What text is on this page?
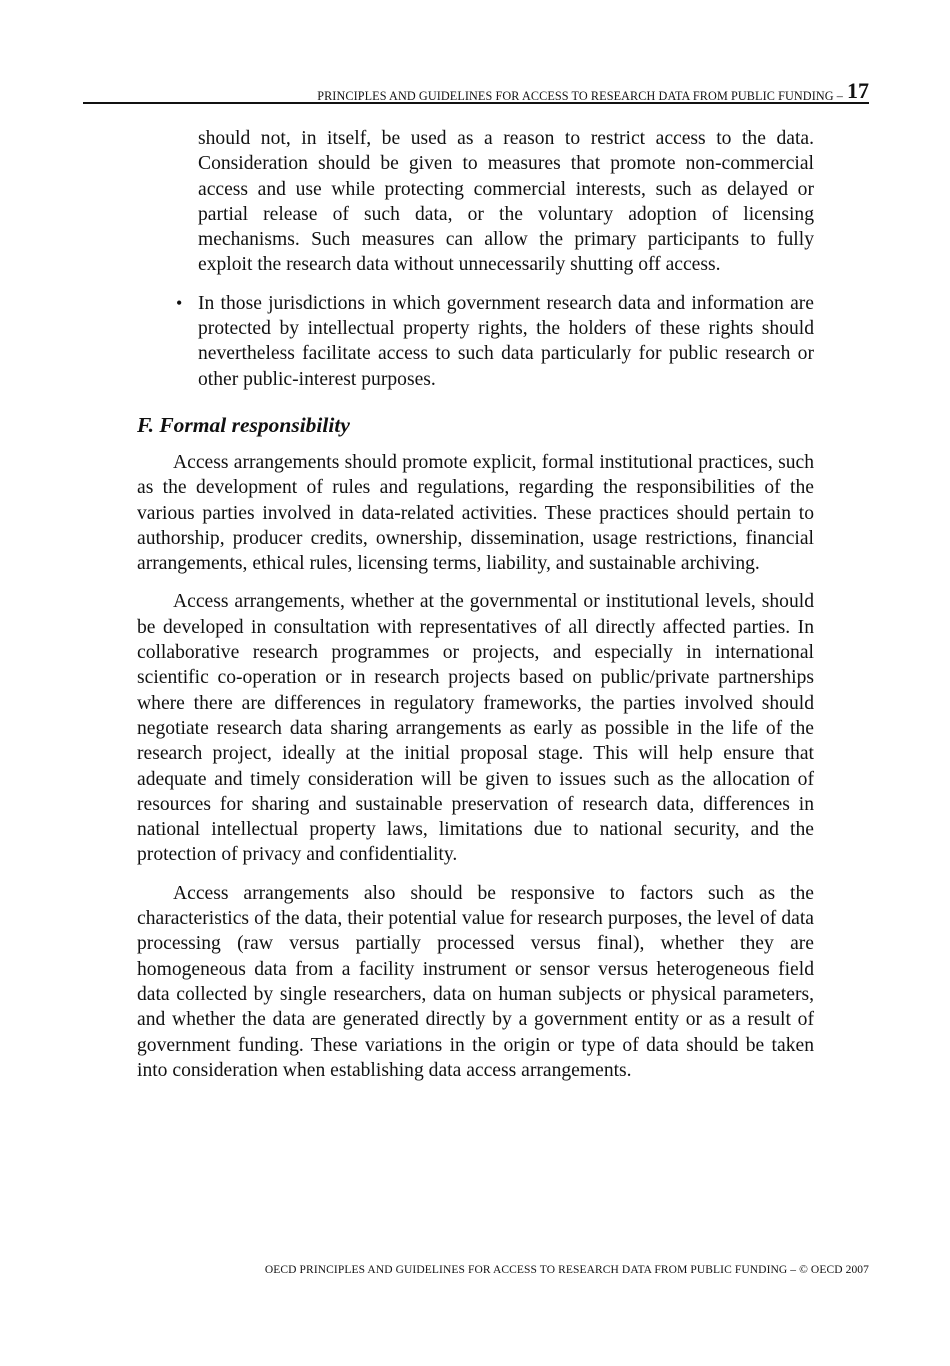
$_{PRINCIPLES AND GUIDELINES FOR ACCESS TO RESEARCH DATA FROM PUBLIC FUNDING -}$ 17

should not, in itself, be used as a reason to restrict access to the data. Consideration should be given to measures that promote non-commercial access and use while protecting commercial interests, such as delayed or partial release of such data, or the voluntary adoption of licensing mechanisms. Such measures can allow the primary participants to fully exploit the research data without unnecessarily shutting off access.

• In those jurisdictions in which government research data and information are protected by intellectual property rights, the holders of these rights should nevertheless facilitate access to such data particularly for public research or other public-interest purposes.

F. Formal responsibility

Access arrangements should promote explicit, formal institutional practices, such as the development of rules and regulations, regarding the responsibilities of the various parties involved in data-related activities. These practices should pertain to authorship, producer credits, ownership, dissemination, usage restrictions, financial arrangements, ethical rules, licensing terms, liability, and sustainable archiving.

Access arrangements, whether at the governmental or institutional levels, should be developed in consultation with representatives of all directly affected parties. In collaborative research programmes or projects, and especially in international scientific co-operation or in research projects based on public/private partnerships where there are differences in regulatory frameworks, the parties involved should negotiate research data sharing arrangements as early as possible in the life of the research project, ideally at the initial proposal stage. This will help ensure that adequate and timely consideration will be given to issues such as the allocation of resources for sharing and sustainable preservation of research data, differences in national intellectual property laws, limitations due to national security, and the protection of privacy and confidentiality.

Access arrangements also should be responsive to factors such as the characteristics of the data, their potential value for research purposes, the level of data processing (raw versus partially processed versus final), whether they are homogeneous data from a facility instrument or sensor versus heterogeneous field data collected by single researchers, data on human subjects or physical parameters, and whether the data are generated directly by a government entity or as a result of government funding. These variations in the origin or type of data should be taken into consideration when establishing data access arrangements.

OECD PRINCIPLES AND GUIDELINES FOR ACCESS TO RESEARCH DATA FROM PUBLIC FUNDING – © OECD 2007
